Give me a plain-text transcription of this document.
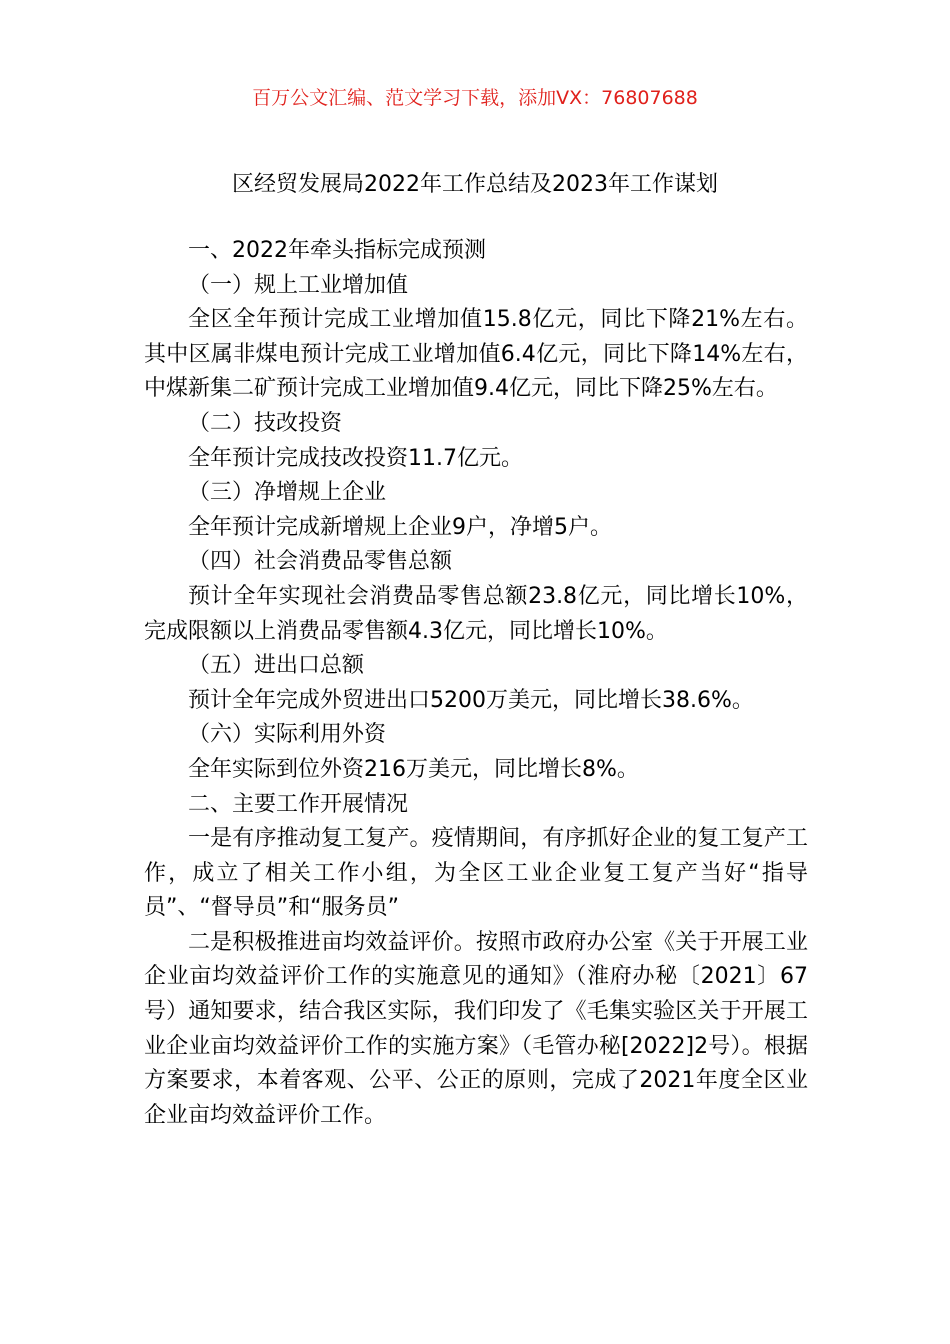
百万公文汇编、范文学习下载，添加VX：76807688
区经贸发展局2022年工作总结及2023年工作谋划

一、2022年牵头指标完成预测

（一）规上工业增加值

全区全年预计完成工业增加值15.8亿元，同比下降21%左右。其中区属非煤电预计完成工业增加值6.4亿元，同比下降14%左右，中煤新集二矿预计完成工业增加值9.4亿元，同比下降25%左右。

（二）技改投资

全年预计完成技改投资11.7亿元。

（三）净增规上企业

全年预计完成新增规上企业9户，净增5户。

（四）社会消费品零售总额

预计全年实现社会消费品零售总额23.8亿元，同比增长10%，完成限额以上消费品零售额4.3亿元，同比增长10%。

（五）进出口总额

预计全年完成外贸进出口5200万美元，同比增长38.6%。

（六）实际利用外资

全年实际到位外资216万美元，同比增长8%。

二、主要工作开展情况

一是有序推动复工复产。疫情期间，有序抓好企业的复工复产工作，成立了相关工作小组，为全区工业企业复工复产当好“指导员”、“督导员”和“服务员”

二是积极推进亩均效益评价。按照市政府办公室《关于开展工业企业亩均效益评价工作的实施意见的通知》（淮府办秘〔2021〕67号）通知要求，结合我区实际，我们印发了《毛集实验区关于开展工业企业亩均效益评价工作的实施方案》（毛管办秘[2022]2号）。根据方案要求，本着客观、公平、公正的原则，完成了2021年度全区业企业亩均效益评价工作。
